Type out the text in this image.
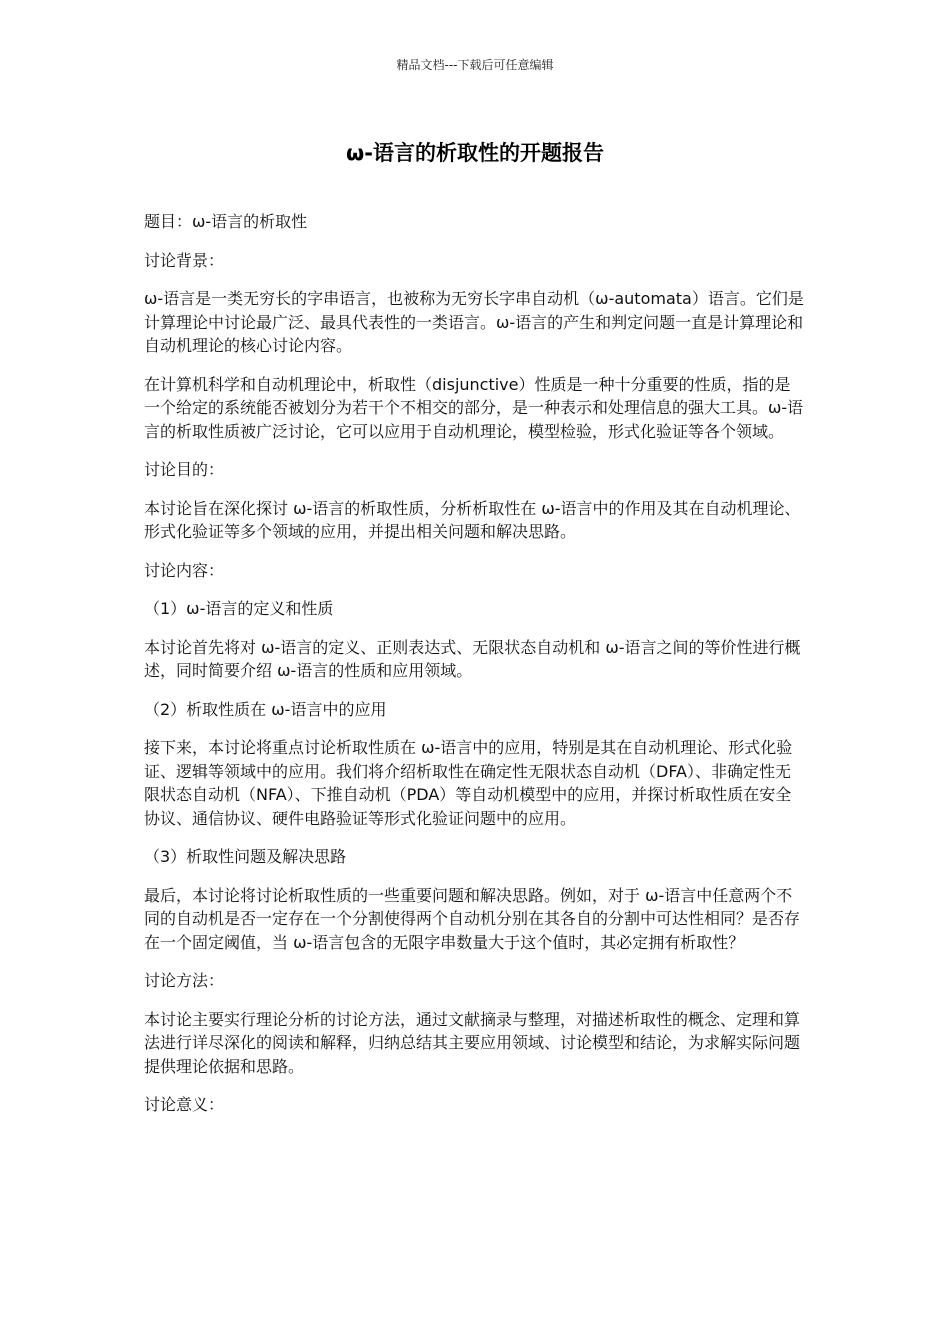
精品文档---下载后可任意编辑
ω-语言的析取性的开题报告

题目：ω-语言的析取性

讨论背景：

ω-语言是一类无穷长的字串语言，也被称为无穷长字串自动机（ω-automata）语言。它们是计算理论中讨论最广泛、最具代表性的一类语言。ω-语言的产生和判定问题一直是计算理论和自动机理论的核心讨论内容。

在计算机科学和自动机理论中，析取性（disjunctive）性质是一种十分重要的性质，指的是一个给定的系统能否被划分为若干个不相交的部分，是一种表示和处理信息的强大工具。ω-语言的析取性质被广泛讨论，它可以应用于自动机理论，模型检验，形式化验证等各个领域。

讨论目的：

本讨论旨在深化探讨 ω-语言的析取性质，分析析取性在 ω-语言中的作用及其在自动机理论、形式化验证等多个领域的应用，并提出相关问题和解决思路。

讨论内容：

（1）ω-语言的定义和性质

本讨论首先将对 ω-语言的定义、正则表达式、无限状态自动机和 ω-语言之间的等价性进行概述，同时简要介绍 ω-语言的性质和应用领域。

（2）析取性质在 ω-语言中的应用

接下来，本讨论将重点讨论析取性质在 ω-语言中的应用，特别是其在自动机理论、形式化验证、逻辑等领域中的应用。我们将介绍析取性在确定性无限状态自动机（DFA）、非确定性无限状态自动机（NFA）、下推自动机（PDA）等自动机模型中的应用，并探讨析取性质在安全协议、通信协议、硬件电路验证等形式化验证问题中的应用。

（3）析取性问题及解决思路

最后，本讨论将讨论析取性质的一些重要问题和解决思路。例如，对于 ω-语言中任意两个不同的自动机是否一定存在一个分割使得两个自动机分别在其各自的分割中可达性相同？是否存在一个固定阈值，当 ω-语言包含的无限字串数量大于这个值时，其必定拥有析取性？

讨论方法：

本讨论主要实行理论分析的讨论方法，通过文献摘录与整理，对描述析取性的概念、定理和算法进行详尽深化的阅读和解释，归纳总结其主要应用领域、讨论模型和结论，为求解实际问题提供理论依据和思路。

讨论意义：
